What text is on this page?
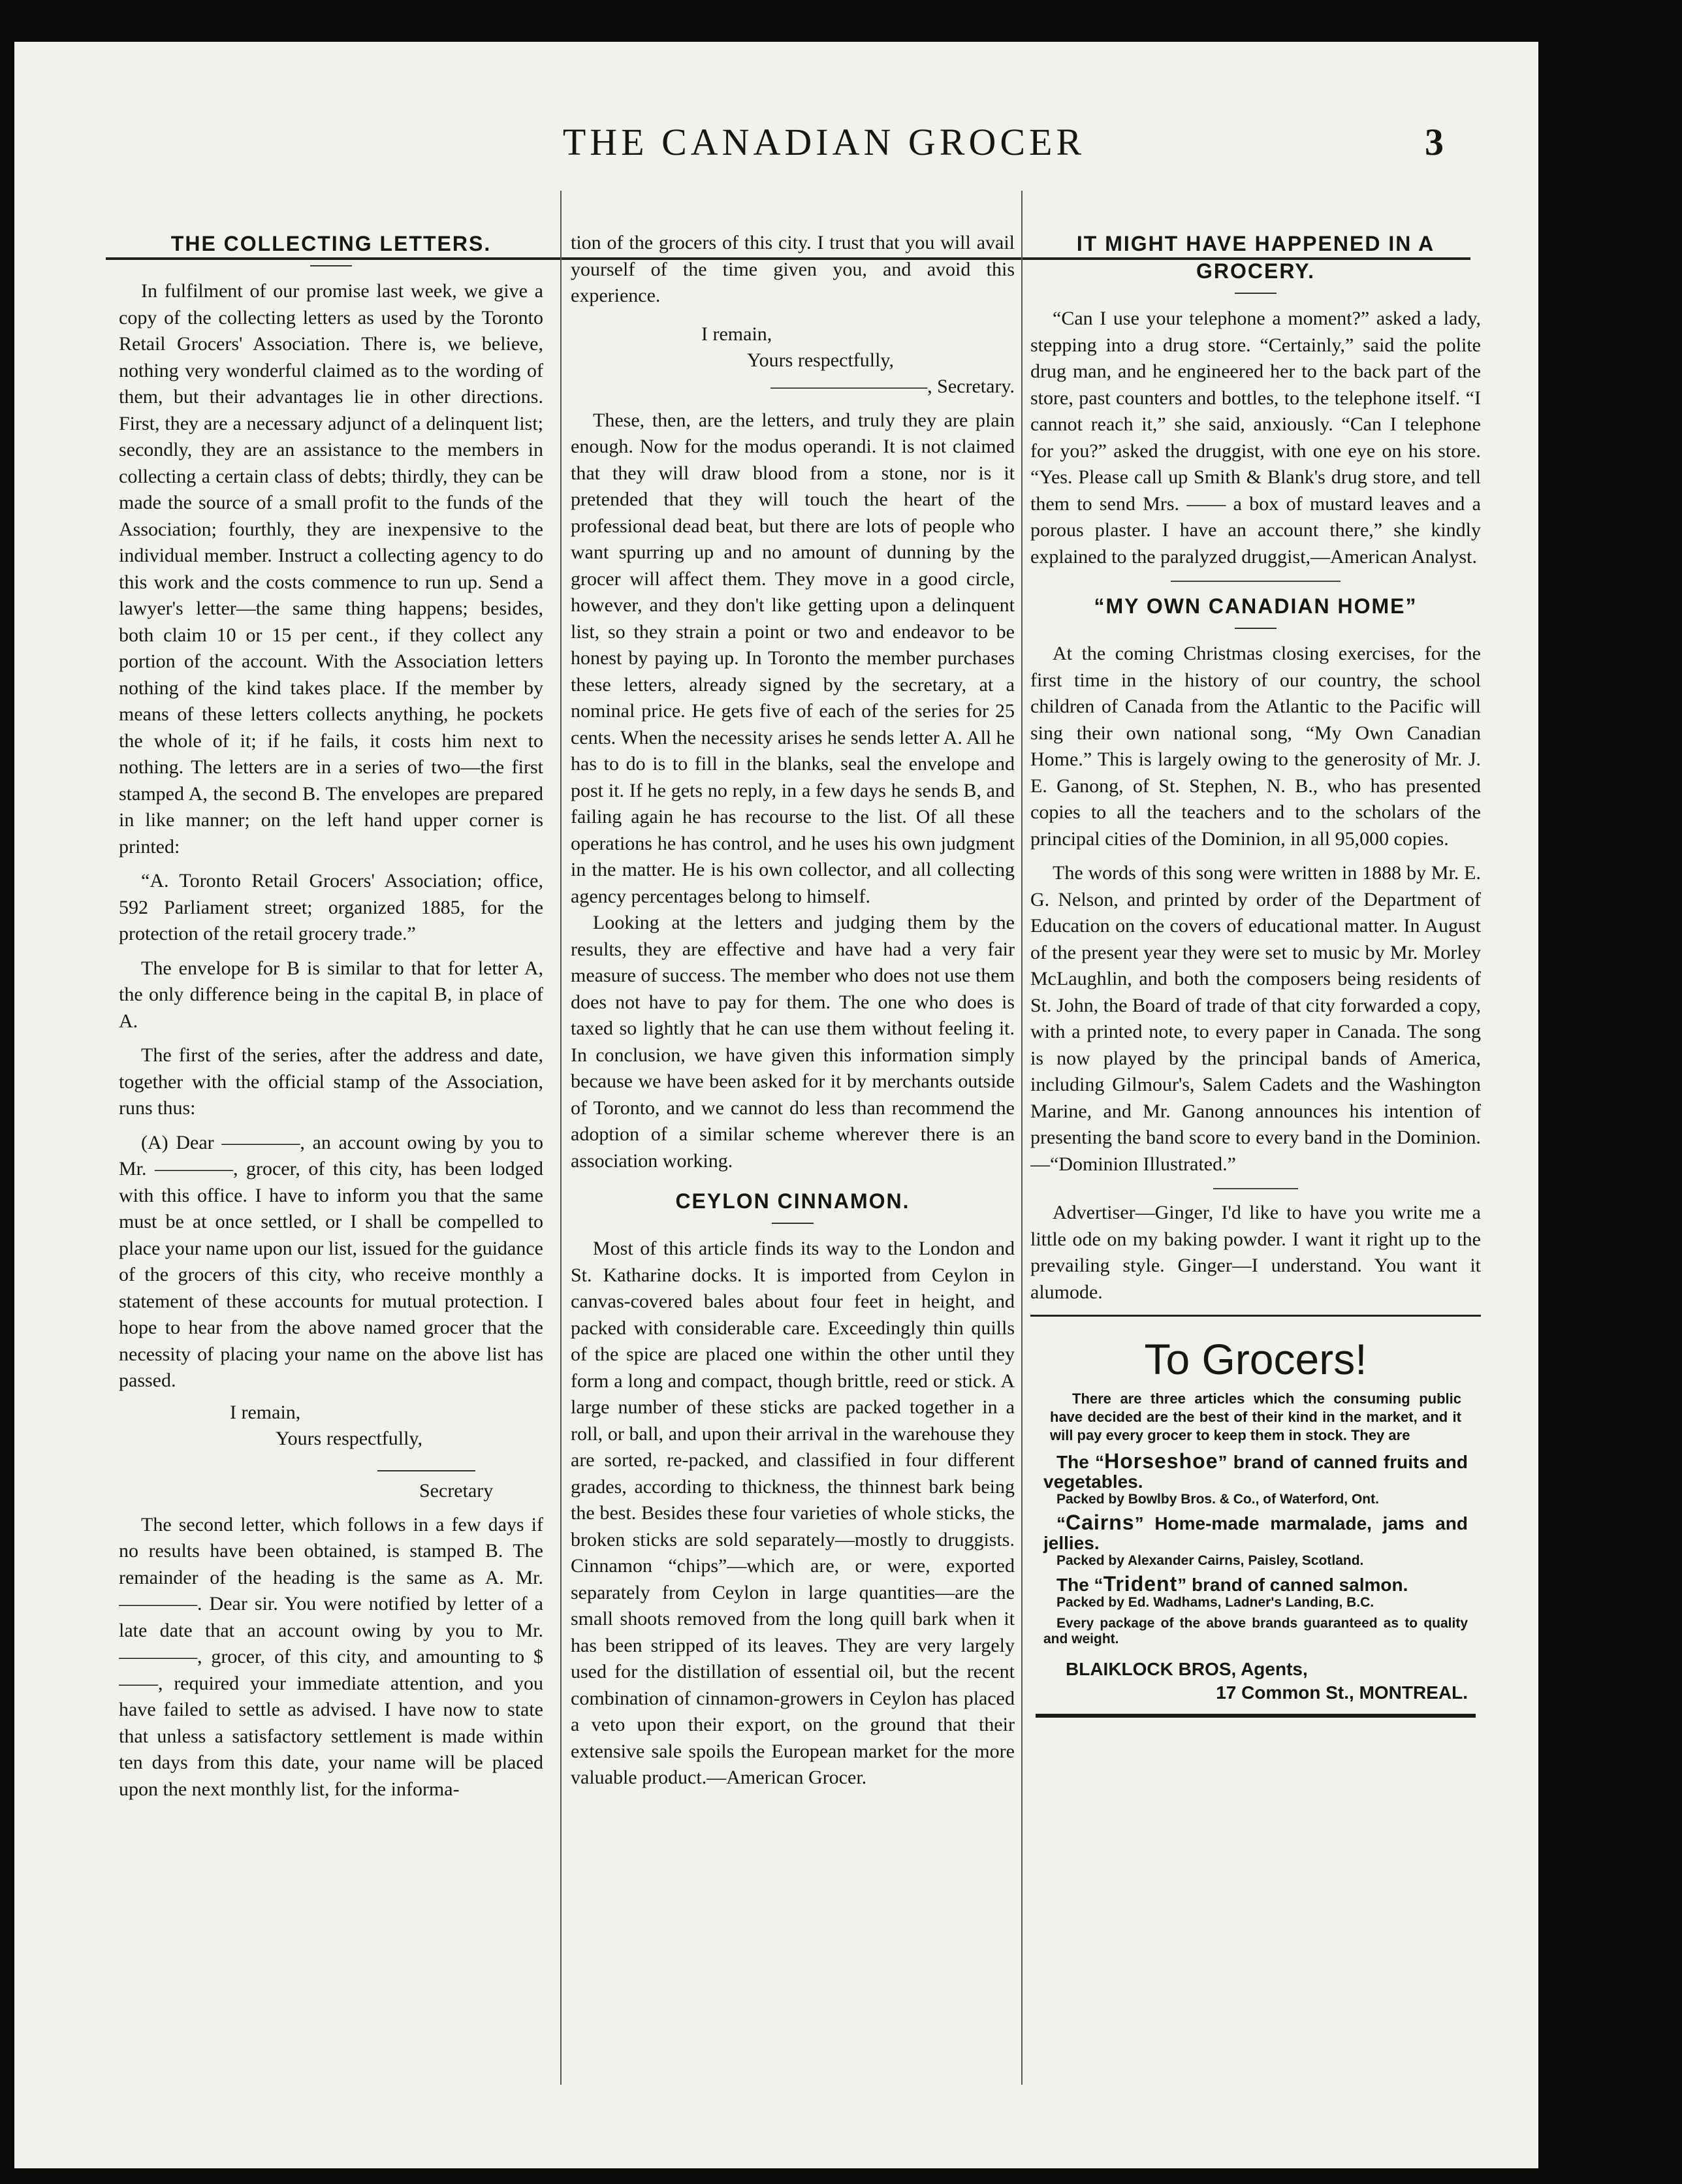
THE CANADIAN GROCER	3
THE COLLECTING LETTERS.

In fulfilment of our promise last week, we give a copy of the collecting letters as used by the Toronto Retail Grocers' Association. There is, we believe, nothing very wonderful claimed as to the wording of them, but their advantages lie in other directions. First, they are a necessary adjunct of a delinquent list; secondly, they are an assistance to the members in collecting a certain class of debts; thirdly, they can be made the source of a small profit to the funds of the Association; fourthly, they are inexpensive to the individual member. Instruct a collecting agency to do this work and the costs commence to run up. Send a lawyer's letter—the same thing happens; besides, both claim 10 or 15 per cent., if they collect any portion of the account. With the Association letters nothing of the kind takes place. If the member by means of these letters collects anything, he pockets the whole of it; if he fails, it costs him next to nothing. The letters are in a series of two—the first stamped A, the second B. The envelopes are prepared in like manner; on the left hand upper corner is printed:

“A. Toronto Retail Grocers' Association; office, 592 Parliament street; organized 1885, for the protection of the retail grocery trade.”

The envelope for B is similar to that for letter A, the only difference being in the capital B, in place of A.

The first of the series, after the address and date, together with the official stamp of the Association, runs thus:

(A) Dear ————, an account owing by you to Mr. ————, grocer, of this city, has been lodged with this office. I have to inform you that the same must be at once settled, or I shall be compelled to place your name upon our list, issued for the guidance of the grocers of this city, who receive monthly a statement of these accounts for mutual protection. I hope to hear from the above named grocer that the necessity of placing your name on the above list has passed.

I remain,

Yours respectfully,

Secretary

The second letter, which follows in a few days if no results have been obtained, is stamped B. The remainder of the heading is the same as A. Mr. ————. Dear sir. You were notified by letter of a late date that an account owing by you to Mr. ————, grocer, of this city, and amounting to $——, required your immediate attention, and you have failed to settle as advised. I have now to state that unless a satisfactory settlement is made within ten days from this date, your name will be placed upon the next monthly list, for the informa-

tion of the grocers of this city. I trust that you will avail yourself of the time given you, and avoid this experience.

I remain,

Yours respectfully,

————————, Secretary.

These, then, are the letters, and truly they are plain enough. Now for the modus operandi. It is not claimed that they will draw blood from a stone, nor is it pretended that they will touch the heart of the professional dead beat, but there are lots of people who want spurring up and no amount of dunning by the grocer will affect them. They move in a good circle, however, and they don't like getting upon a delinquent list, so they strain a point or two and endeavor to be honest by paying up. In Toronto the member purchases these letters, already signed by the secretary, at a nominal price. He gets five of each of the series for 25 cents. When the necessity arises he sends letter A. All he has to do is to fill in the blanks, seal the envelope and post it. If he gets no reply, in a few days he sends B, and failing again he has recourse to the list. Of all these operations he has control, and he uses his own judgment in the matter. He is his own collector, and all collecting agency percentages belong to himself.

Looking at the letters and judging them by the results, they are effective and have had a very fair measure of success. The member who does not use them does not have to pay for them. The one who does is taxed so lightly that he can use them without feeling it. In conclusion, we have given this information simply because we have been asked for it by merchants outside of Toronto, and we cannot do less than recommend the adoption of a similar scheme wherever there is an association working.

CEYLON CINNAMON.

Most of this article finds its way to the London and St. Katharine docks. It is imported from Ceylon in canvas-covered bales about four feet in height, and packed with considerable care. Exceedingly thin quills of the spice are placed one within the other until they form a long and compact, though brittle, reed or stick. A large number of these sticks are packed together in a roll, or ball, and upon their arrival in the warehouse they are sorted, re-packed, and classified in four different grades, according to thickness, the thinnest bark being the best. Besides these four varieties of whole sticks, the broken sticks are sold separately—mostly to druggists. Cinnamon “chips”—which are, or were, exported separately from Ceylon in large quantities—are the small shoots removed from the long quill bark when it has been stripped of its leaves. They are very largely used for the distillation of essential oil, but the recent combination of cinnamon-growers in Ceylon has placed a veto upon their export, on the ground that their extensive sale spoils the European market for the more valuable product.—American Grocer.

IT MIGHT HAVE HAPPENED IN A GROCERY.

“Can I use your telephone a moment?” asked a lady, stepping into a drug store. “Certainly,” said the polite drug man, and he engineered her to the back part of the store, past counters and bottles, to the telephone itself. “I cannot reach it,” she said, anxiously. “Can I telephone for you?” asked the druggist, with one eye on his store. “Yes. Please call up Smith & Blank's drug store, and tell them to send Mrs. —— a box of mustard leaves and a porous plaster. I have an account there,” she kindly explained to the paralyzed druggist,—American Analyst.

“MY OWN CANADIAN HOME”

At the coming Christmas closing exercises, for the first time in the history of our country, the school children of Canada from the Atlantic to the Pacific will sing their own national song, “My Own Canadian Home.” This is largely owing to the generosity of Mr. J. E. Ganong, of St. Stephen, N. B., who has presented copies to all the teachers and to the scholars of the principal cities of the Dominion, in all 95,000 copies.

The words of this song were written in 1888 by Mr. E. G. Nelson, and printed by order of the Department of Education on the covers of educational matter. In August of the present year they were set to music by Mr. Morley McLaughlin, and both the composers being residents of St. John, the Board of trade of that city forwarded a copy, with a printed note, to every paper in Canada. The song is now played by the principal bands of America, including Gilmour's, Salem Cadets and the Washington Marine, and Mr. Ganong announces his intention of presenting the band score to every band in the Dominion.—“Dominion Illustrated.”

Advertiser—Ginger, I'd like to have you write me a little ode on my baking powder. I want it right up to the prevailing style. Ginger—I understand. You want it alumode.

To Grocers!

There are three articles which the consuming public have decided are the best of their kind in the market, and it will pay every grocer to keep them in stock. They are

The “Horseshoe” brand of canned fruits and vegetables.

Packed by Bowlby Bros. & Co., of Waterford, Ont.

“Cairns” Home-made marmalade, jams and jellies.

Packed by Alexander Cairns, Paisley, Scotland.

The “Trident” brand of canned salmon.

Packed by Ed. Wadhams, Ladner's Landing, B.C.

Every package of the above brands guaranteed as to quality and weight.

BLAIKLOCK BROS, Agents,

17 Common St., MONTREAL.
